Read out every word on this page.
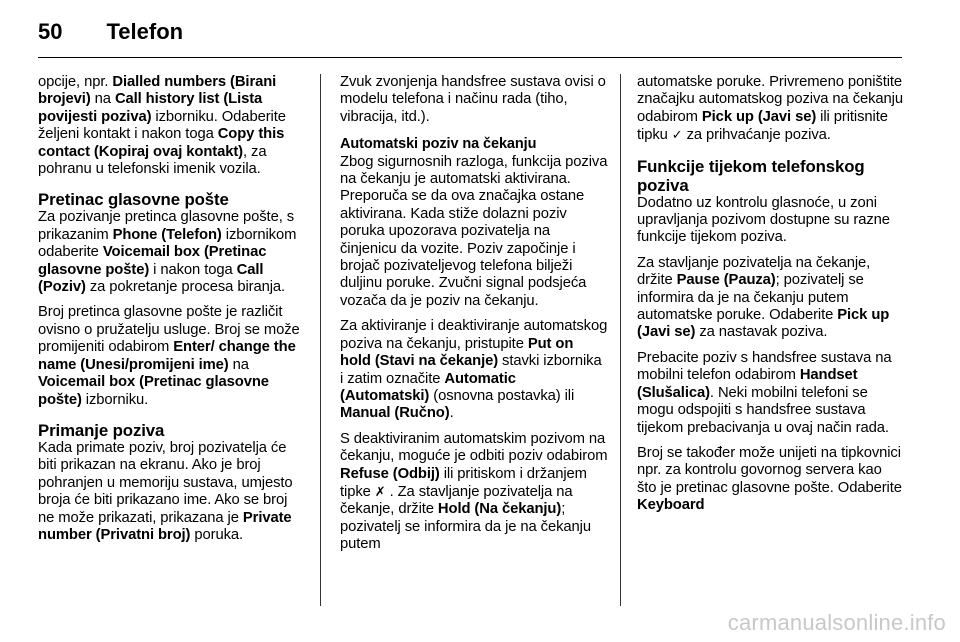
50 Telefon

opcije, npr. Dialled numbers (Birani brojevi) na Call history list (Lista povijesti poziva) izborniku. Odaberite željeni kontakt i nakon toga Copy this contact (Kopiraj ovaj kontakt), za pohranu u telefonski imenik vozila.

Pretinac glasovne pošte

Za pozivanje pretinca glasovne pošte, s prikazanim Phone (Telefon) izbornikom odaberite Voicemail box (Pretinac glasovne pošte) i nakon toga Call (Poziv) za pokretanje procesa biranja.

Broj pretinca glasovne pošte je različit ovisno o pružatelju usluge. Broj se može promijeniti odabirom Enter/ change the name (Unesi/promijeni ime) na Voicemail box (Pretinac glasovne pošte) izborniku.

Primanje poziva

Kada primate poziv, broj pozivatelja će biti prikazan na ekranu. Ako je broj pohranjen u memoriju sustava, umjesto broja će biti prikazano ime. Ako se broj ne može prikazati, prikazana je Private number (Privatni broj) poruka.

Zvuk zvonjenja handsfree sustava ovisi o modelu telefona i načinu rada (tiho, vibracija, itd.).

Automatski poziv na čekanju

Zbog sigurnosnih razloga, funkcija poziva na čekanju je automatski aktivirana. Preporuča se da ova značajka ostane aktivirana. Kada stiže dolazni poziv poruka upozorava pozivatelja na činjenicu da vozite. Poziv započinje i brojač pozivateljevog telefona bilježi duljinu poruke. Zvučni signal podsjeća vozača da je poziv na čekanju.

Za aktiviranje i deaktiviranje automatskog poziva na čekanju, pristupite Put on hold (Stavi na čekanje) stavki izbornika i zatim označite Automatic (Automatski) (osnovna postavka) ili Manual (Ručno).

S deaktiviranim automatskim pozivom na čekanju, moguće je odbiti poziv odabirom Refuse (Odbij) ili pritiskom i držanjem tipke ✗ . Za stavljanje pozivatelja na čekanje, držite Hold (Na čekanju); pozivatelj se informira da je na čekanju putem

automatske poruke. Privremeno poništite značajku automatskog poziva na čekanju odabirom Pick up (Javi se) ili pritisnite tipku ✓ za prihvaćanje poziva.

Funkcije tijekom telefonskog poziva

Dodatno uz kontrolu glasnoće, u zoni upravljanja pozivom dostupne su razne funkcije tijekom poziva.

Za stavljanje pozivatelja na čekanje, držite Pause (Pauza); pozivatelj se informira da je na čekanju putem automatske poruke. Odaberite Pick up (Javi se) za nastavak poziva.

Prebacite poziv s handsfree sustava na mobilni telefon odabirom Handset (Slušalica). Neki mobilni telefoni se mogu odspojiti s handsfree sustava tijekom prebacivanja u ovaj način rada.

Broj se također može unijeti na tipkovnici npr. za kontrolu govornog servera kao što je pretinac glasovne pošte. Odaberite Keyboard

carmanualsonline.info
